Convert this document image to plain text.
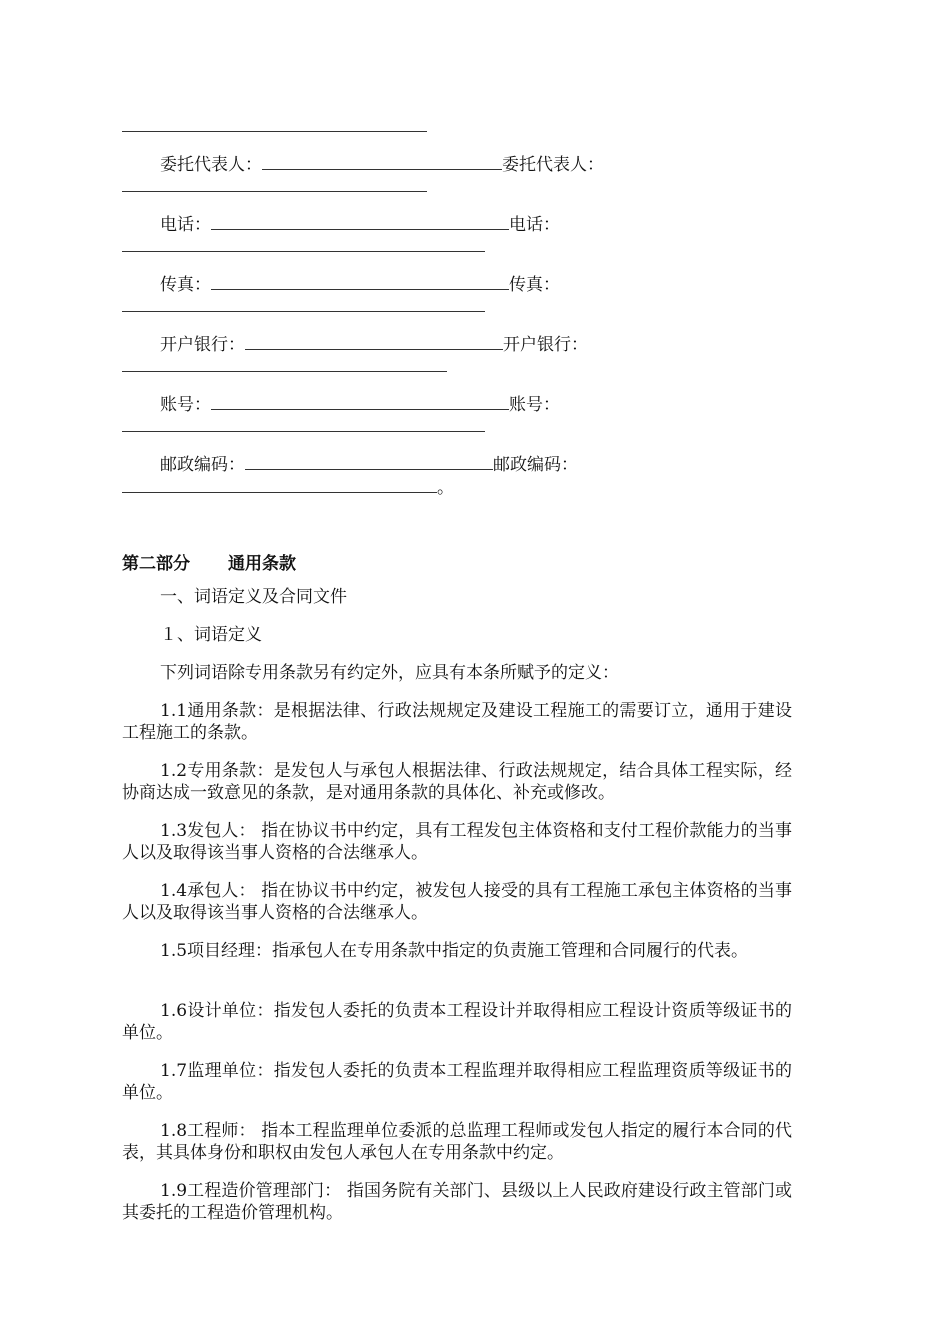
委托代表人：	委托代表人：
电话：	电话：
传真：	传真：
开户银行：	开户银行：
账号：	账号：
邮政编码：	邮政编码：
。
第二部分 通用条款
一、词语定义及合同文件
１、词语定义
下列词语除专用条款另有约定外，应具有本条所赋予的定义：
1.1通用条款：是根据法律、行政法规规定及建设工程施工的需要订立，通用于建设工程施工的条款。
1.2专用条款：是发包人与承包人根据法律、行政法规规定，结合具体工程实际，经协商达成一致意见的条款，是对通用条款的具体化、补充或修改。
1.3发包人： 指在协议书中约定，具有工程发包主体资格和支付工程价款能力的当事人以及取得该当事人资格的合法继承人。
1.4承包人： 指在协议书中约定，被发包人接受的具有工程施工承包主体资格的当事人以及取得该当事人资格的合法继承人。
1.5项目经理：指承包人在专用条款中指定的负责施工管理和合同履行的代表。
1.6设计单位：指发包人委托的负责本工程设计并取得相应工程设计资质等级证书的单位。
1.7监理单位：指发包人委托的负责本工程监理并取得相应工程监理资质等级证书的单位。
1.8工程师： 指本工程监理单位委派的总监理工程师或发包人指定的履行本合同的代表，其具体身份和职权由发包人承包人在专用条款中约定。
1.9工程造价管理部门： 指国务院有关部门、县级以上人民政府建设行政主管部门或其委托的工程造价管理机构。
